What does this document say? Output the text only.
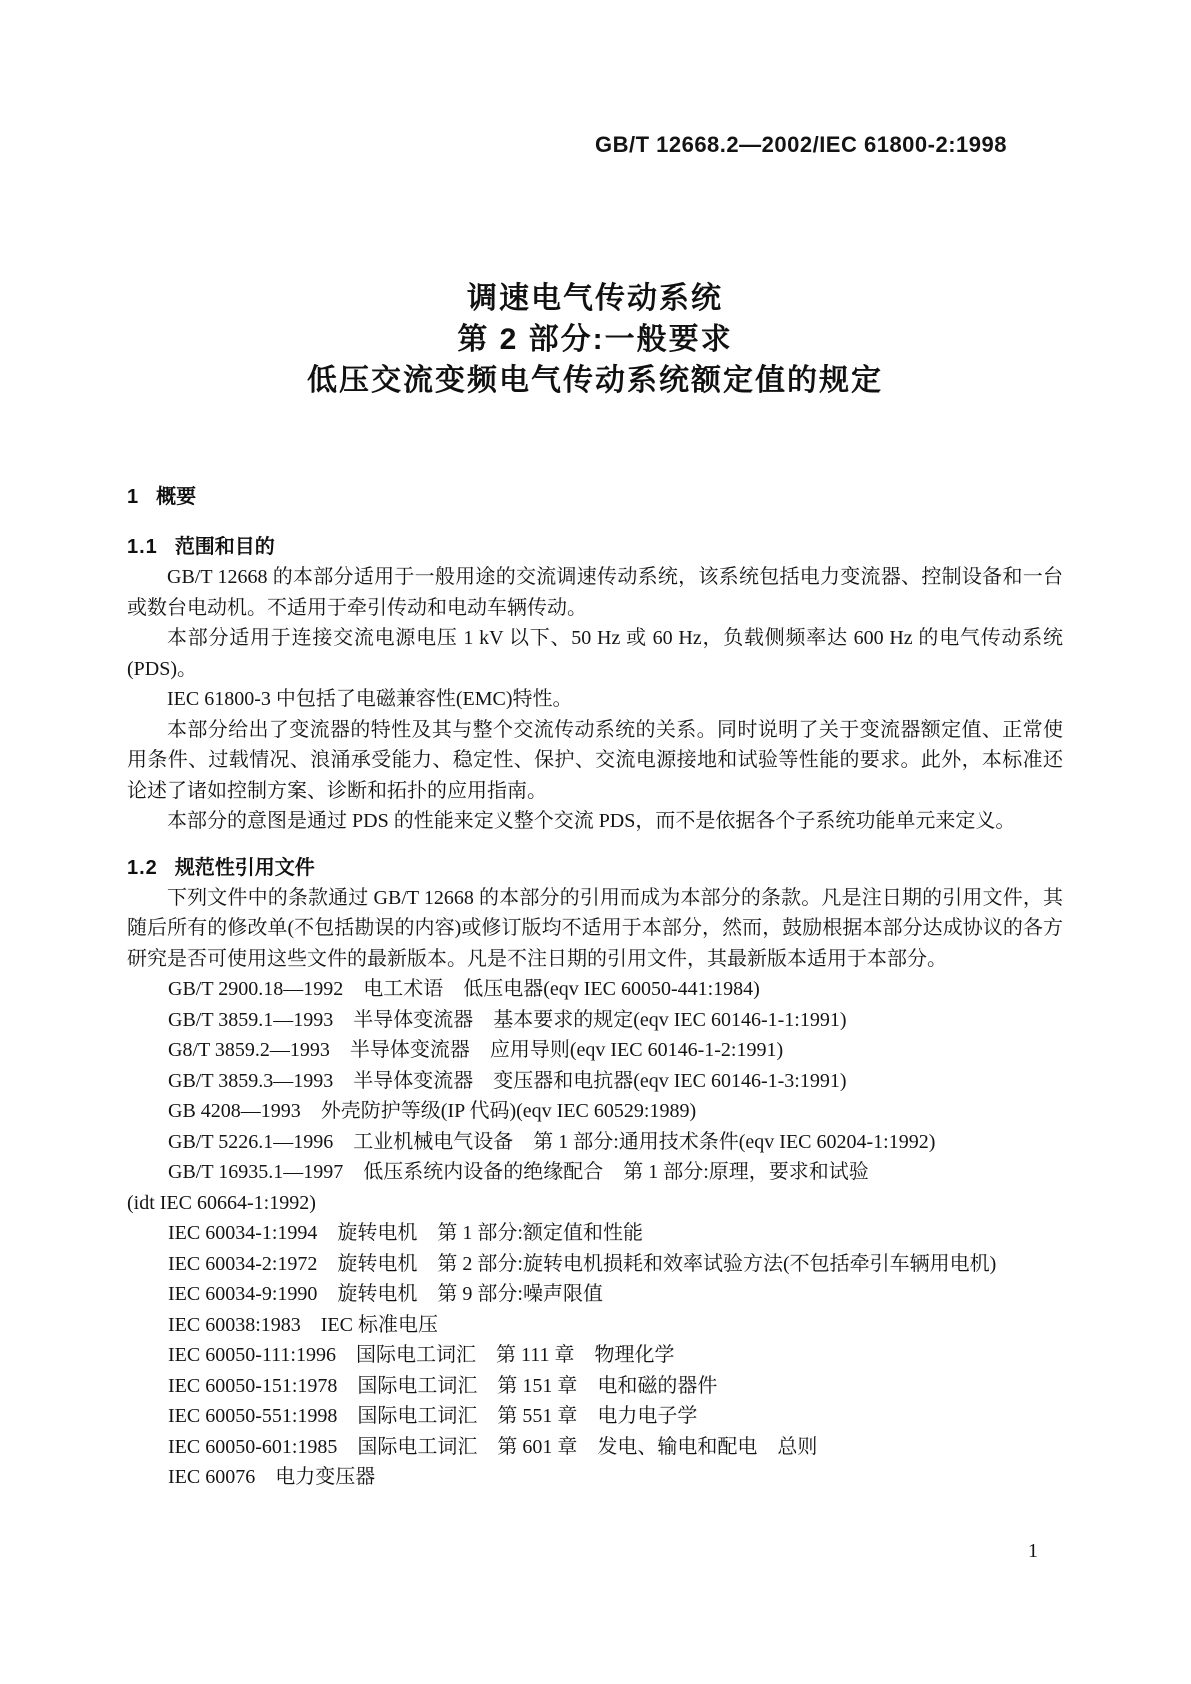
GB/T 12668.2—2002/IEC 61800-2:1998
调速电气传动系统
第 2 部分:一般要求
低压交流变频电气传动系统额定值的规定
1 概要
1.1 范围和目的

GB/T 12668 的本部分适用于一般用途的交流调速传动系统，该系统包括电力变流器、控制设备和一台或数台电动机。不适用于牵引传动和电动车辆传动。

本部分适用于连接交流电源电压 1 kV 以下、50 Hz 或 60 Hz，负载侧频率达 600 Hz 的电气传动系统(PDS)。

IEC 61800-3 中包括了电磁兼容性(EMC)特性。

本部分给出了变流器的特性及其与整个交流传动系统的关系。同时说明了关于变流器额定值、正常使用条件、过载情况、浪涌承受能力、稳定性、保护、交流电源接地和试验等性能的要求。此外，本标准还论述了诸如控制方案、诊断和拓扑的应用指南。

本部分的意图是通过 PDS 的性能来定义整个交流 PDS，而不是依据各个子系统功能单元来定义。

1.2 规范性引用文件

下列文件中的条款通过 GB/T 12668 的本部分的引用而成为本部分的条款。凡是注日期的引用文件，其随后所有的修改单(不包括勘误的内容)或修订版均不适用于本部分，然而，鼓励根据本部分达成协议的各方研究是否可使用这些文件的最新版本。凡是不注日期的引用文件，其最新版本适用于本部分。

GB/T 2900.18—1992　电工术语　低压电器(eqv IEC 60050-441:1984)
GB/T 3859.1—1993　半导体变流器　基本要求的规定(eqv IEC 60146-1-1:1991)
G8/T 3859.2—1993　半导体变流器　应用导则(eqv IEC 60146-1-2:1991)
GB/T 3859.3—1993　半导体变流器　变压器和电抗器(eqv IEC 60146-1-3:1991)
GB 4208—1993　外壳防护等级(IP 代码)(eqv IEC 60529:1989)
GB/T 5226.1—1996　工业机械电气设备　第 1 部分:通用技术条件(eqv IEC 60204-1:1992)
GB/T 16935.1—1997　低压系统内设备的绝缘配合　第 1 部分:原理，要求和试验
(idt IEC 60664-1:1992)
IEC 60034-1:1994　旋转电机　第 1 部分:额定值和性能
IEC 60034-2:1972　旋转电机　第 2 部分:旋转电机损耗和效率试验方法(不包括牵引车辆用电机)
IEC 60034-9:1990　旋转电机　第 9 部分:噪声限值
IEC 60038:1983　IEC 标准电压
IEC 60050-111:1996　国际电工词汇　第 111 章　物理化学
IEC 60050-151:1978　国际电工词汇　第 151 章　电和磁的器件
IEC 60050-551:1998　国际电工词汇　第 551 章　电力电子学
IEC 60050-601:1985　国际电工词汇　第 601 章　发电、输电和配电　总则
IEC 60076　电力变压器
1
